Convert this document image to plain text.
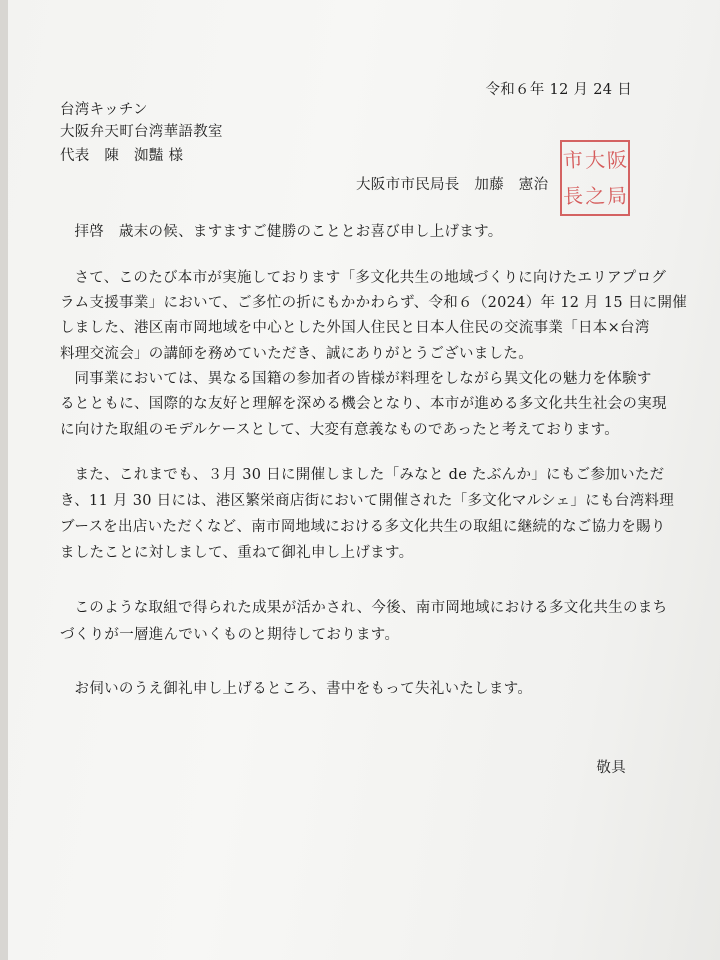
令和６年 12 月 24 日
台湾キッチン
大阪弁天町台湾華語教室
代表　陳　洳豔 様
大阪市市民局長　加藤　憲治
市 大 阪
長 之 局
拝啓　歳末の候、ますますご健勝のこととお喜び申し上げます。
さて、このたび本市が実施しております「多文化共生の地域づくりに向けたエリアプログ
ラム支援事業」において、ご多忙の折にもかかわらず、令和６（2024）年 12 月 15 日に開催
しました、港区南市岡地域を中心とした外国人住民と日本人住民の交流事業「日本×台湾
料理交流会」の講師を務めていただき、誠にありがとうございました。
同事業においては、異なる国籍の参加者の皆様が料理をしながら異文化の魅力を体験す
るとともに、国際的な友好と理解を深める機会となり、本市が進める多文化共生社会の実現
に向けた取組のモデルケースとして、大変有意義なものであったと考えております。
また、これまでも、３月 30 日に開催しました「みなと de たぶんか」にもご参加いただ
き、11 月 30 日には、港区繁栄商店街において開催された「多文化マルシェ」にも台湾料理
ブースを出店いただくなど、南市岡地域における多文化共生の取組に継続的なご協力を賜り
ましたことに対しまして、重ねて御礼申し上げます。
このような取組で得られた成果が活かされ、今後、南市岡地域における多文化共生のまち
づくりが一層進んでいくものと期待しております。
お伺いのうえ御礼申し上げるところ、書中をもって失礼いたします。
敬具
